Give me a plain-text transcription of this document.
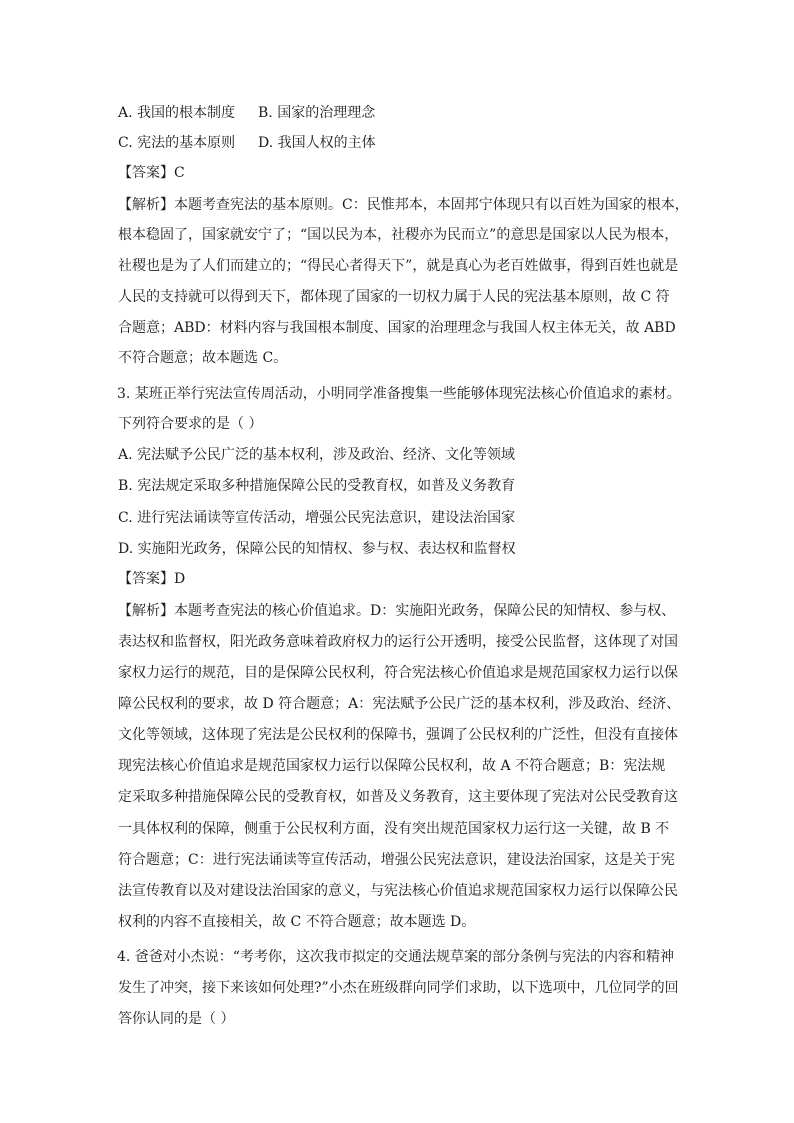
A. 我国的根本制度 B. 国家的治理理念
C. 宪法的基本原则 D. 我国人权的主体
【答案】C
【解析】本题考查宪法的基本原则。C：民惟邦本，本固邦宁体现只有以百姓为国家的根本，
根本稳固了，国家就安宁了；“国以民为本，社稷亦为民而立”的意思是国家以人民为根本，
社稷也是为了人们而建立的；“得民心者得天下”，就是真心为老百姓做事，得到百姓也就是
人民的支持就可以得到天下，都体现了国家的一切权力属于人民的宪法基本原则，故 C 符
合题意；ABD：材料内容与我国根本制度、国家的治理理念与我国人权主体无关，故 ABD
不符合题意；故本题选 C。
3. 某班正举行宪法宣传周活动，小明同学准备搜集一些能够体现宪法核心价值追求的素材。
下列符合要求的是（ ）
A. 宪法赋予公民广泛的基本权利，涉及政治、经济、文化等领域
B. 宪法规定采取多种措施保障公民的受教育权，如普及义务教育
C. 进行宪法诵读等宣传活动，增强公民宪法意识，建设法治国家
D. 实施阳光政务，保障公民的知情权、参与权、表达权和监督权
【答案】D
【解析】本题考查宪法的核心价值追求。D：实施阳光政务，保障公民的知情权、参与权、
表达权和监督权，阳光政务意味着政府权力的运行公开透明，接受公民监督，这体现了对国
家权力运行的规范，目的是保障公民权利，符合宪法核心价值追求是规范国家权力运行以保
障公民权利的要求，故 D 符合题意；A：宪法赋予公民广泛的基本权利，涉及政治、经济、
文化等领域，这体现了宪法是公民权利的保障书，强调了公民权利的广泛性，但没有直接体
现宪法核心价值追求是规范国家权力运行以保障公民权利，故 A 不符合题意；B：宪法规
定采取多种措施保障公民的受教育权，如普及义务教育，这主要体现了宪法对公民受教育这
一具体权利的保障，侧重于公民权利方面，没有突出规范国家权力运行这一关键，故 B 不
符合题意；C：进行宪法诵读等宣传活动，增强公民宪法意识，建设法治国家，这是关于宪
法宣传教育以及对建设法治国家的意义，与宪法核心价值追求规范国家权力运行以保障公民
权利的内容不直接相关，故 C 不符合题意；故本题选 D。
4. 爸爸对小杰说：“考考你，这次我市拟定的交通法规草案的部分条例与宪法的内容和精神
发生了冲突，接下来该如何处理?”小杰在班级群向同学们求助，以下选项中，几位同学的回
答你认同的是（ ）
